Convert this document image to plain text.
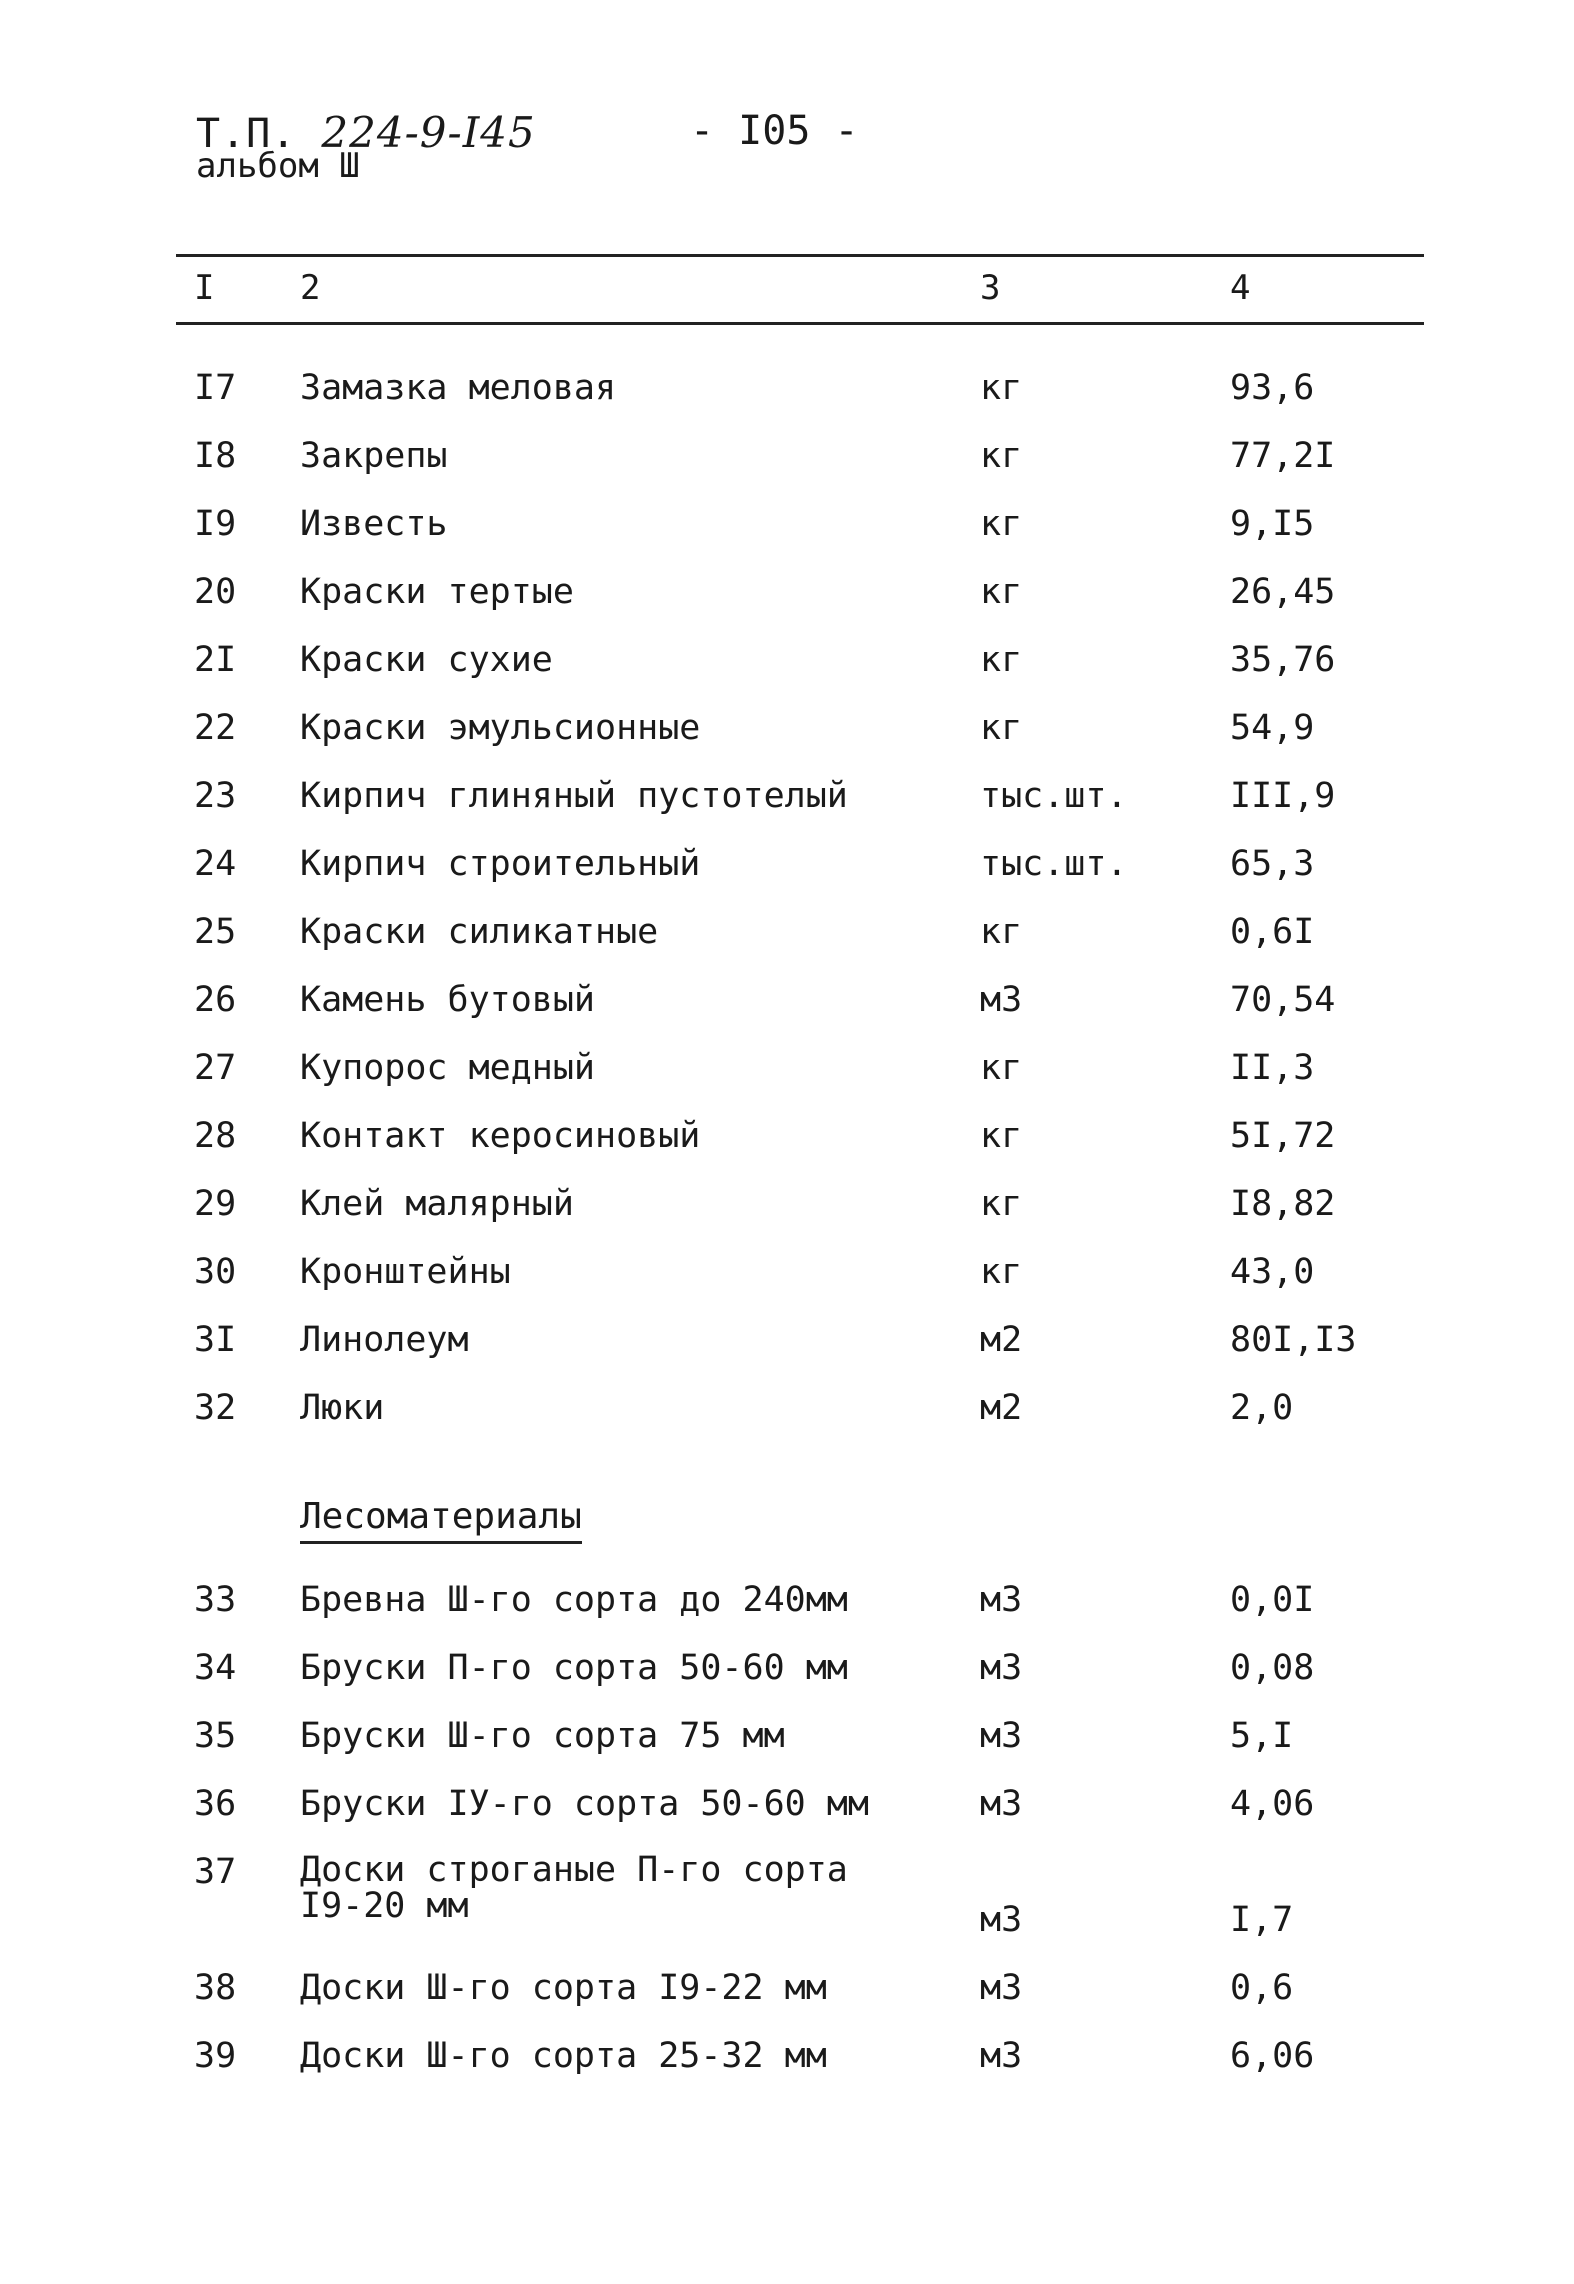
Т.П. 224-9-І45	- І05 -
альбом Ш
I	2	3	4
І7 Замазка меловая	кг	93,6
І8 Закрепы	кг	77,2І
І9 Известь	кг	9,І5
20 Краски тертые	кг	26,45
2І Краски сухие	кг	35,76
22 Краски эмульсионные	кг	54,9
23 Кирпич глиняный пустотелый	тыс.шт.	ІІІ,9
24 Кирпич строительный	тыс.шт.	65,3
25 Краски силикатные	кг	0,6І
26 Камень бутовый	м3	70,54
27 Купорос медный	кг	ІІ,3
28 Контакт керосиновый	кг	5І,72
29 Клей малярный	кг	І8,82
30 Кронштейны	кг	43,0
3І Линолеум	м2	80І,І3
32 Люки	м2	2,0
Лесоматериалы
33 Бревна Ш-го сорта до 240мм	м3	0,0І
34 Бруски П-го сорта 50-60 мм	м3	0,08
35 Бруски Ш-го сорта 75 мм	м3	5,І
36 Бруски ІУ-го сорта 50-60 мм	м3	4,06
37 Доски строганые П-го сорта
І9-20 мм	м3	І,7
38 Доски Ш-го сорта І9-22 мм	м3	0,6
39 Доски Ш-го сорта 25-32 мм	м3	6,06
